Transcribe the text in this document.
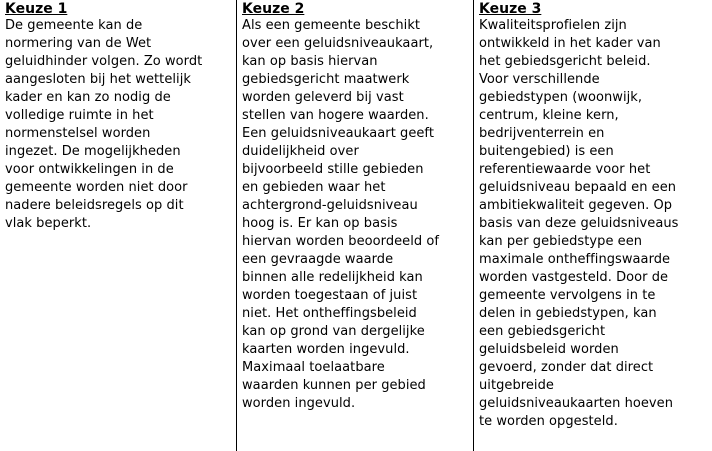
Keuze 1
De gemeente kan de
normering van de Wet
geluidhinder volgen. Zo wordt
aangesloten bij het wettelijk
kader en kan zo nodig de
volledige ruimte in het
normenstelsel worden
ingezet. De mogelijkheden
voor ontwikkelingen in de
gemeente worden niet door
nadere beleidsregels op dit
vlak beperkt.
Keuze 2
Als een gemeente beschikt
over een geluidsniveaukaart,
kan op basis hiervan
gebiedsgericht maatwerk
worden geleverd bij vast
stellen van hogere waarden.
Een geluidsniveaukaart geeft
duidelijkheid over
bijvoorbeeld stille gebieden
en gebieden waar het
achtergrond-geluidsniveau
hoog is. Er kan op basis
hiervan worden beoordeeld of
een gevraagde waarde
binnen alle redelijkheid kan
worden toegestaan of juist
niet. Het ontheffingsbeleid
kan op grond van dergelijke
kaarten worden ingevuld.
Maximaal toelaatbare
waarden kunnen per gebied
worden ingevuld.
Keuze 3
Kwaliteitsprofielen zijn
ontwikkeld in het kader van
het gebiedsgericht beleid.
Voor verschillende
gebiedstypen (woonwijk,
centrum, kleine kern,
bedrijventerrein en
buitengebied) is een
referentiewaarde voor het
geluidsniveau bepaald en een
ambitiekwaliteit gegeven. Op
basis van deze geluidsniveaus
kan per gebiedstype een
maximale ontheffingswaarde
worden vastgesteld. Door de
gemeente vervolgens in te
delen in gebiedstypen, kan
een gebiedsgericht
geluidsbeleid worden
gevoerd, zonder dat direct
uitgebreide
geluidsniveaukaarten hoeven
te worden opgesteld.
